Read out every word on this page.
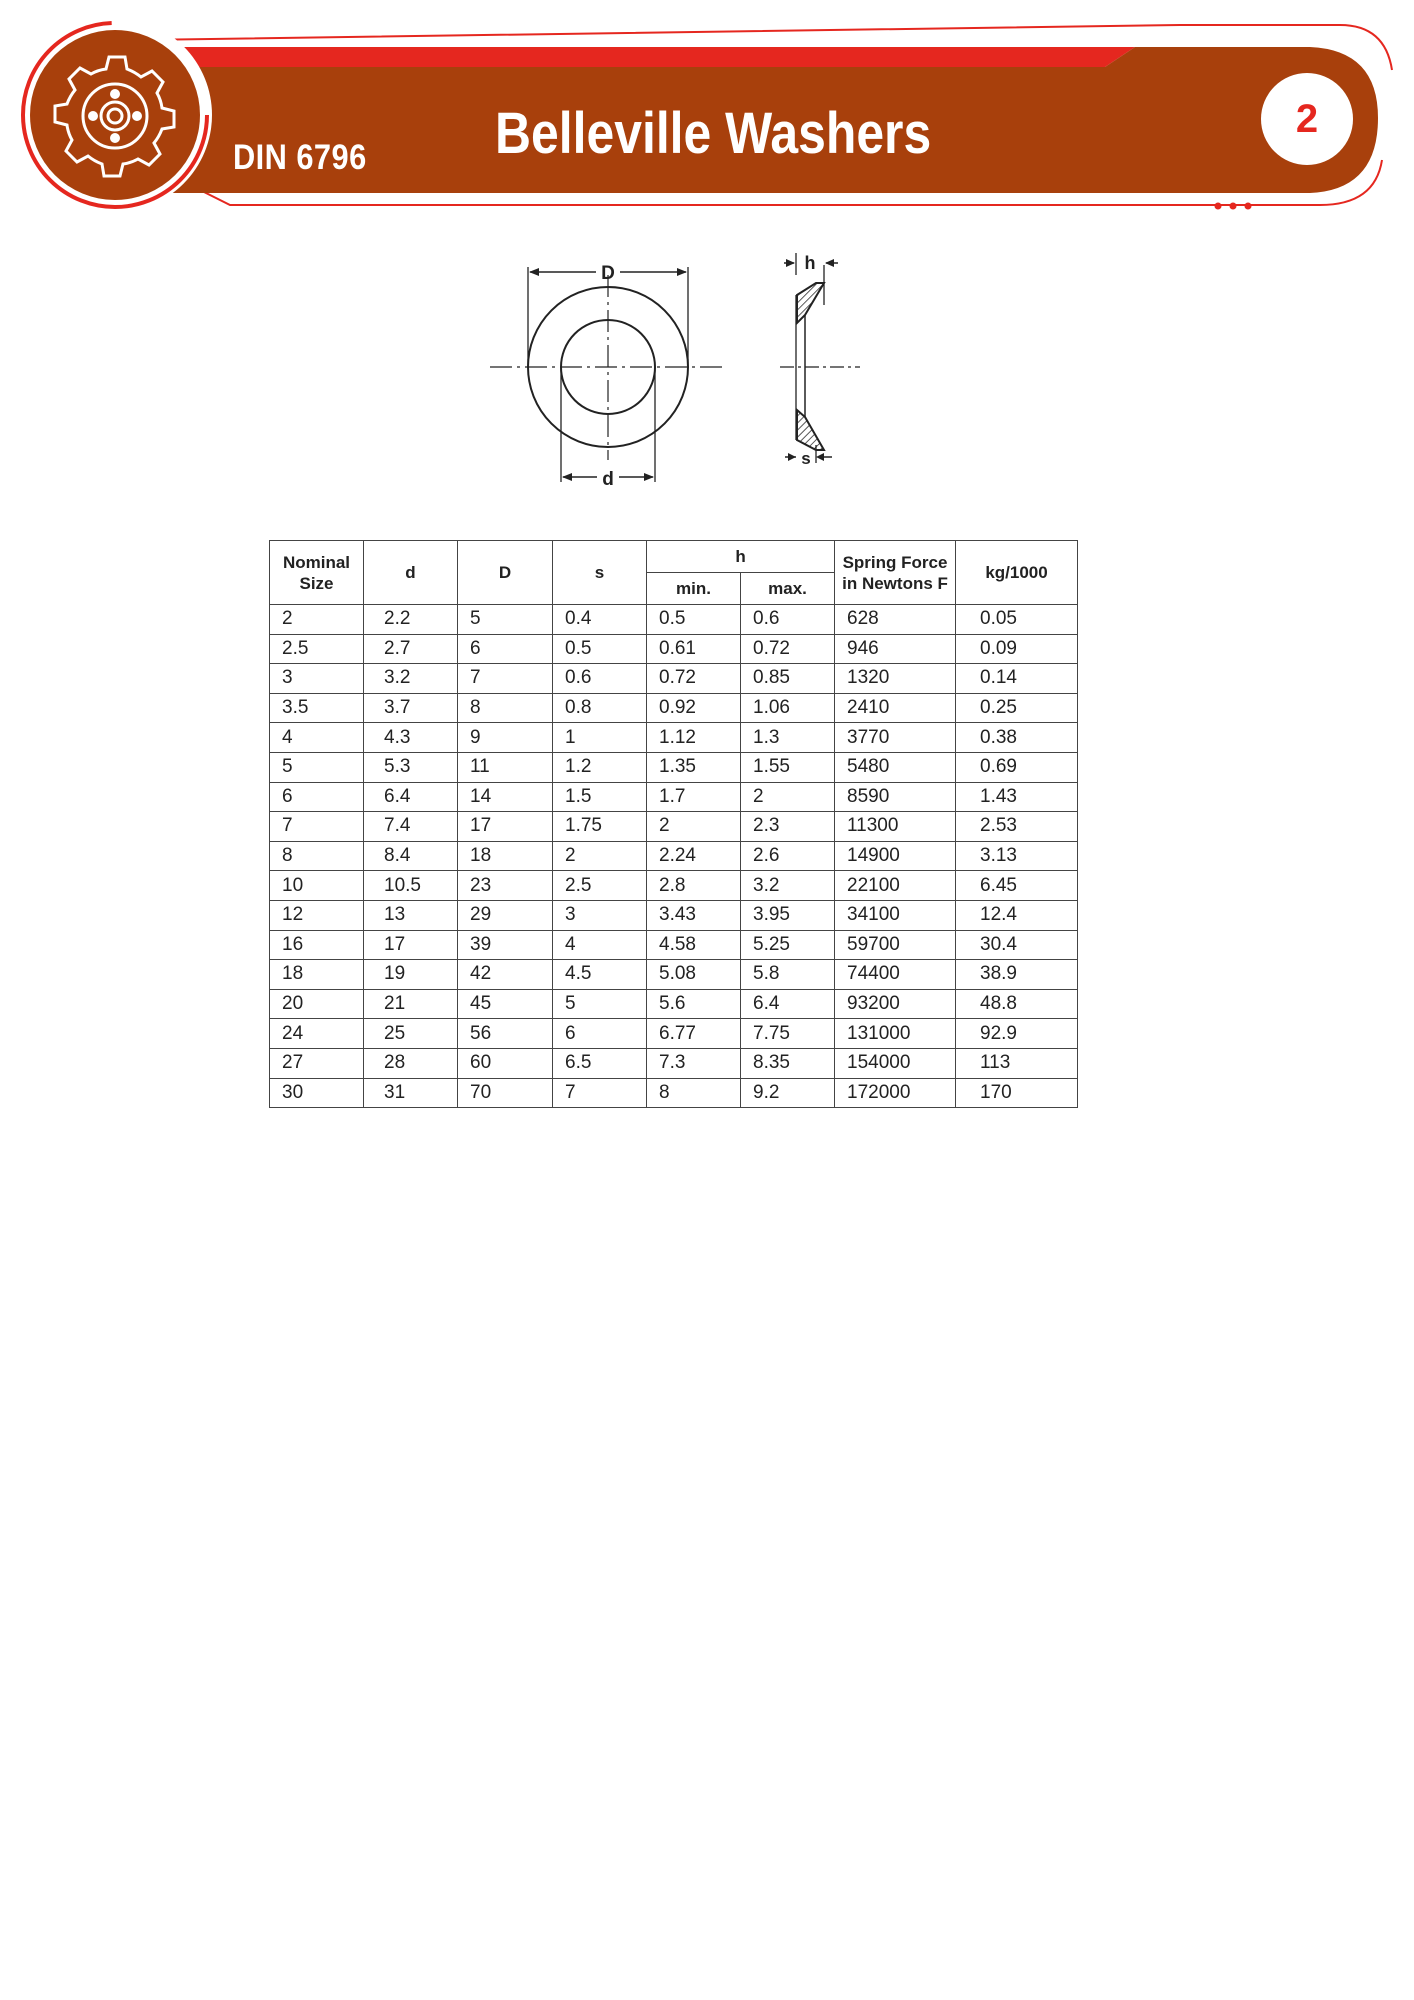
DIN 6796 Belleville Washers	2
D
d
h
s
Nominal Size	d	D	s	h		Spring Force in Newtons F	kg/1000
				min.	max.		
2	2.2	5	0.4	0.5	0.6	628	0.05
2.5	2.7	6	0.5	0.61	0.72	946	0.09
3	3.2	7	0.6	0.72	0.85	1320	0.14
3.5	3.7	8	0.8	0.92	1.06	2410	0.25
4	4.3	9	1	1.12	1.3	3770	0.38
5	5.3	11	1.2	1.35	1.55	5480	0.69
6	6.4	14	1.5	1.7	2	8590	1.43
7	7.4	17	1.75	2	2.3	11300	2.53
8	8.4	18	2	2.24	2.6	14900	3.13
10	10.5	23	2.5	2.8	3.2	22100	6.45
12	13	29	3	3.43	3.95	34100	12.4
16	17	39	4	4.58	5.25	59700	30.4
18	19	42	4.5	5.08	5.8	74400	38.9
20	21	45	5	5.6	6.4	93200	48.8
24	25	56	6	6.77	7.75	131000	92.9
27	28	60	6.5	7.3	8.35	154000	113
30	31	70	7	8	9.2	172000	170
